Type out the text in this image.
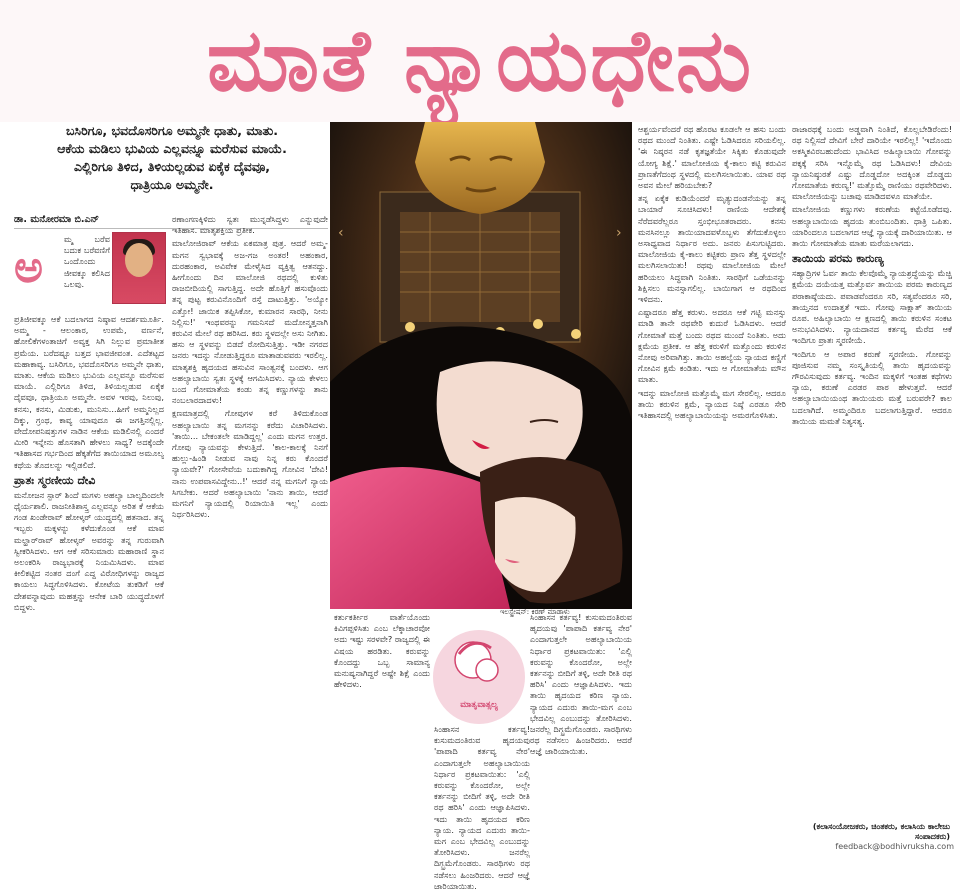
ಮಾತೆ ನ್ಯಾಯಧೇನು
ಬಸಿರಿಗೂ, ಭವದೊಸರಿಗೂ ಅಮ್ಮನೇ ಧಾತು, ಮಾತು.
ಆಕೆಯ ಮಡಿಲು ಭುವಿಯ ಎಲ್ಲವನ್ನೂ ಮರೆಸುವ ಮಾಯೆ.
ಎಲ್ಲಿರಿಗೂ ತಿಳಿದ, ತಿಳಿಯಲ್ಲಡುವ ಏಕೈಕ ದೈವವೂ,
ಧಾತ್ರಿಯೂ ಅಮ್ಮನೇ.
ಡಾ. ಮನೋರಮಾ ಬಿ.ಎನ್
ಅ

ಮ್ಮ ಬರೆವ ಬದುಕ ಬರೆವಣಿಗೆ ಒಂದೊಂದು ಜೀವಕ್ಕೂ ಕಲಿಸಿದ ಒಲವು.

ಪ್ರತಿಜೀವಕ್ಕೂ ಆಕೆ ಬದಲಾಗದ ನಿಷ್ಠಾವ ಆದರ್ಶಮೂರ್ತಿ. ಅಮ್ಮ - ಆಲಂಕಾರ, ಉಪಮೆ, ವರ್ಣನೆ, ಹೋಲಿಕೆಗಳಂತಾಚಿಗೆ ಅವ್ಯಕ್ತ ಸಿಗಿ ನಿಲ್ಲುವ ಪ್ರಮಾತೀತ ಪ್ರಮೆಯ. ಬರೆದಷ್ಟೂ ಬತ್ತದ ಭಾವಜೀವಂತ. ಎದೆತಟ್ಟದ ಮಹಾಕಾವ್ಯ. ಬಸಿರಿಗೂ, ಭವದೊಸರಿಗೂ ಅಮ್ಮನೇ ಧಾತು, ಮಾತು. ಆಕೆಯ ಮಡಿಲು ಭುವಿಯ ಎಲ್ಲವನ್ನೂ ಮರೆಸುವ ಮಾಯೆ. ಎಲ್ಲಿರಿಗೂ ತಿಳಿದ, ತಿಳಿಯಲ್ಲಡುವ ಏಕೈಕ ದೈವವೂ, ಧಾತ್ರಿಯೂ ಅಮ್ಮನೇ. ಅವಳ ಇರವು, ನಿಲುವು, ಕನಸು, ಕನಸು, ಮಿಡುಕು, ಮುನಿಸು...ಹೀಗೆ ಅಮ್ಮನಿಲ್ಲದ ದಿಕ್ಕು, ಗ್ರಂಥ, ಕಾವ್ಯ ಯಾವುದೂ ಈ ಜಗತ್ತಿನಲ್ಲಿಲ್ಲ. ವೇದೋಪನಿಷತ್ತುಗಳ ನಾಡಿನ ಆಕೆಯ ಮಡಿಲಿನಲ್ಲಿ ಎಂದರೆ ಮೀರಿ ಇನ್ನೇನು ಹೊಸತಾಗಿ ಹೇಳಲು ಸಾಧ್ಯ? ಅದಕ್ಕೆಂದೇ ಇತಿಹಾಸದ ಗರ್ಭದಿಂದ ಹೆಕ್ಕತೆಗೆದ ತಾಯಿಯಾದ ಅಮೂಲ್ಯ ಕಥೆಯ ತೊದಲನ್ನು ಇಲ್ಲಿಡಲಿದೆ.

ಪ್ರಾತಃ ಸ್ಮರಣೀಯ ದೇವಿ

ಮನೋಜನ ಸ್ಪಾರ್ ಶಿಂದೆ ಮಗಳು ಅಹಲ್ಯಾ ಬಾಲ್ಯದಿಂದಲೇ ಧೈರ್ಯಶಾಲಿ. ರಾಜನೀತಿಶಾಸ್ತ್ರ ಎಲ್ಲವನ್ನೂ ಅರಿತ ಕೆ ಆಕೆಯ ಗಂಡ ಖಂಡೇರಾವ್ ಹೋಳ್ಕರ್ ಯುದ್ಧದಲ್ಲಿ ಹತನಾದ. ತನ್ನ ಇಬ್ಬರು ಮಕ್ಕಳನ್ನು ಕಳೆದುಕೊಂಡ ಆಕೆ ಮಾವ ಮಲ್ಹಾರ್‌ರಾವ್ ಹೋಳ್ಕರ್ ಅವರನ್ನು ತನ್ನ ಗುರುವಾಗಿ ಸ್ವೀಕರಿಸಿದಳು. ಆಗ ಆಕೆ ಸರಿಸುಮಾರು ಮಹಾರಾಣಿ ಸ್ಥಾನ ಅಲಂಕರಿಸಿ ರಾಜ್ಯಭಾರಕ್ಕೆ ನಿಯಮಿಸಿದಳು. ಮಾವ ಕೀಲಿಕಟ್ಟಿದ ನಂತರ ದಂಗೆ ಎದ್ದ ವಿರೋಧಿಗಳನ್ನು ರಾಜ್ಯದ ಕಾಯಲು ಸಿದ್ಧಗೊಳಿಸಿದಳು. ಕೋಟೆಯ ತುಕಡಿಗೆ ಆಕೆ ದೇಶವನ್ನಾವುದು ಮಹತ್ತನ್ನು ಆನೇಕ ಬಾರಿ ಯುದ್ಧದೊಳಗೆ ಬಿದ್ದಳು.

ರಣಾಂಗಣಕ್ಕಿಳಿದು ಸ್ವತಃ ಮುನ್ನಡೆಸಿದ್ದಳು ಎನ್ನುವುದೇ ಇತಿಹಾಸ. ಮಾತೃಶಕ್ತಿಯ ಪ್ರತೀಕ.

ಮಾಲೋಜಿರಾವ್ ಆಕೆಯ ಏಕಮಾತ್ರ ಪುತ್ರ. ಆದರೆ ಅಮ್ಮ-ಮಗನ ಸ್ವಭಾವಕ್ಕೆ ಅಜ-ಗಜ ಅಂತರ! ಅಹಂಕಾರ, ದುರಹಂಕಾರ, ಅವಿವೇಕ ಮೇಳೈಸಿದ ವ್ಯಕ್ತಿತ್ವ ಆತನದ್ದು. ಹೀಗೊಂದು ದಿನ ಮಾಲೋಜಿ ರಥದಲ್ಲಿ ಕುಳಿತು ರಾಜಬೀದಿಯಲ್ಲಿ ಸಾಗುತ್ತಿದ್ದ. ಅದೇ ಹೊತ್ತಿಗೆ ಹಸುವೊಂದು ತನ್ನ ಪುಟ್ಟ ಕರುವಿನೊಂದಿಗೆ ರಸ್ತೆ ದಾಟುತ್ತಿತ್ತು. 'ಅಯ್ಯೋ ಎತ್ತೋ! ಜಾಯಿಕ ತಪ್ಪಿಸಿಕೋ, ಕುಮಾರನ ಸಾರಥಿ, ನೀನು ನಿಲ್ಲಿಸು!' ಇಂಥವರನ್ನು ಗಮನಿಸದೆ ಮದೋನ್ಮತ್ತನಾಗಿ ಕರುವಿನ ಮೇಲೆ ರಥ ಹರಿಸಿದ. ಕರು ಸ್ಥಳದಲ್ಲೇ ಅಸು ನೀಗಿತು. ಹಸು ಆ ಸ್ಥಳವನ್ನು ಬಿಡದೆ ರೋದಿಸುತ್ತಿತ್ತು. ಇಡೀ ನಗರದ ಜನರು ಇದನ್ನು ನೋಡುತ್ತಿದ್ದರೂ ಮಾತಾಡುವವರು ಇರಲಿಲ್ಲ. ಮಾತೃಶಕ್ತಿ ಹೃದಯದ ಹಸುವಿನ ಸಾಂತ್ವನಕ್ಕೆ ಬಂದಳು. ಆಗ ಅಹಲ್ಯಾಬಾಯಿ ಸ್ವತಃ ಸ್ಥಳಕ್ಕೆ ಆಗಮಿಸಿದಳು. ನ್ಯಾಯ ಕೇಳಲು ಬಂದ ಗೋಮಾತೆಯ ಕಂಡು ತನ್ನ ಕಣ್ಣುಗಳನ್ನು ತಾನು ನಂಬಲಾರದಾದಳು!

ಕ್ಷಣಮಾತ್ರದಲ್ಲಿ ಗೋವುಗಳ ಕರೆ ತಿಳಿದುಕೊಂಡ ಅಹಲ್ಯಾಬಾಯಿ ತನ್ನ ಮಗನನ್ನು ಕರೆದು ವಿಚಾರಿಸಿದಳು. 'ತಾಯಿ... ಬೇಕಂತಲೇ ಮಾಡಿದ್ದಲ್ಲ' ಎಂದು ಮಗನ ಉತ್ತರ. ಗೋವು ನ್ಯಾಯವನ್ನು ಕೇಳುತ್ತಿದೆ. 'ಕಾಲ-ಕಾಲಕ್ಕೆ ನಿನಗೆ ಹುಲ್ಲು-ಹಿಂಡಿ ನೀಡುವ ನಾವು ನಿನ್ನ ಕರು ಕೊಂದರೆ ನ್ಯಾಯವೇ?' ಗೋಸೇವೆಯ ಬದುಕಾಗಿದ್ದ ಗೋವಿನ 'ದೇವಿ! ನಾನು ಉಪವಾಸವಿದ್ದೇನು..!' ಆದರೆ ನನ್ನ ಮಗನಿಗೆ ನ್ಯಾಯ ಸಿಗಬೇಕು. ಆದರೆ ಅಹಲ್ಯಾಬಾಯಿ 'ನಾನು ತಾಯಿ, ಆದರೆ ಮಗನಿಗೆ ನ್ಯಾಯದಲ್ಲಿ ರಿಯಾಯಿತಿ ಇಲ್ಲ' ಎಂದು ನಿರ್ಧರಿಸಿದಳು.

‹	›
ಇಲಸ್ಟ್ರೇಷನ್: ಕಿರಣ್ ಮಾಡಾಳು

ಕರ್ತುಕರ್ತೀರ ವಾರ್ತೆಯೊಂದು ಕಿವಿಗಪ್ಪಳಿಸಿತು ಎಂಬ ಲೆಕ್ಕಾಚಾರವೋ ಅದು ಇಷ್ಟು ಸರಳವೇ? ರಾಜ್ಯದಲ್ಲಿ ಈ ವಿಷಯ ಹರಡಿತು. ಕರುವನ್ನು ಕೊಂದದ್ದು ಒಬ್ಬ ಸಾಮಾನ್ಯ ಮನುಷ್ಯನಾಗಿದ್ದರೆ ಅಷ್ಟೇ ಶಿಕ್ಷೆ ಎಂದು ಹೇಳಿದಳು.

ಸಿಂಹಾಸನ ಕರ್ತವ್ಯ! ಕುಸುಮದಂತಿರುವ ಹೃದಯವು 'ಪಾಪಾದಿ ಕರ್ತವ್ಯ ನೇರ' ಎಂದಾಗುತ್ತಲೇ ಅಹಲ್ಯಾಬಾಯಿಯ ನಿರ್ಧಾರ ಪ್ರಕಟವಾಯಿತು: 'ಎಲ್ಲಿ ಕರುವನ್ನು ಕೊಂದರೋ, ಅಲ್ಲೇ ಕರ್ತನನ್ನು ಬೀದಿಗೆ ತಳ್ಳಿ, ಅದೇ ರೀತಿ ರಥ ಹರಿಸಿ' ಎಂದು ಆಜ್ಞಾಪಿಸಿದಳು. ಇದು ತಾಯಿ ಹೃದಯದ ಕಠಿಣ ನ್ಯಾಯ. ನ್ಯಾಯದ ಎದುರು ತಾಯಿ-ಮಗ ಎಂಬ ಭೇದವಿಲ್ಲ ಎಂಬುದನ್ನು ತೋರಿಸಿದಳು. ಜನರೆಲ್ಲ ದಿಗ್ಭ್ರಮೆಗೊಂಡರು. ಸಾರಥಿಗಳು ರಥ ನಡೆಸಲು ಹಿಂಜರಿದರು. ಆದರೆ ಆಜ್ಞೆ ಜಾರಿಯಾಯಿತು.

ಮಾತೃವಾತ್ಸಲ್ಯ

ಸಿಂಹಾಸನ ಕರ್ತವ್ಯ! ಕುಸುಮದಂತಿರುವ ಹೃದಯವು 'ಪಾಪಾದಿ ಕರ್ತವ್ಯ ನೇರ' ಎಂದಾಗುತ್ತಲೇ ಅಹಲ್ಯಾಬಾಯಿಯ ನಿರ್ಧಾರ ಪ್ರಕಟವಾಯಿತು: 'ಎಲ್ಲಿ ಕರುವನ್ನು ಕೊಂದರೋ, ಅಲ್ಲೇ ಕರ್ತನನ್ನು ಬೀದಿಗೆ ತಳ್ಳಿ, ಅದೇ ರೀತಿ ರಥ ಹರಿಸಿ' ಎಂದು ಆಜ್ಞಾಪಿಸಿದಳು. ಇದು ತಾಯಿ ಹೃದಯದ ಕಠಿಣ ನ್ಯಾಯ. ನ್ಯಾಯದ ಎದುರು ತಾಯಿ-ಮಗ ಎಂಬ ಭೇದವಿಲ್ಲ ಎಂಬುದನ್ನು ತೋರಿಸಿದಳು. ಜನರೆಲ್ಲ ದಿಗ್ಭ್ರಮೆಗೊಂಡರು. ಸಾರಥಿಗಳು ರಥ ನಡೆಸಲು ಹಿಂಜರಿದರು. ಆದರೆ ಆಜ್ಞೆ ಜಾರಿಯಾಯಿತು.

ಆಶ್ಚರ್ಯವೆಂದರೆ ರಥ ಹೊರಟ ಕೂಡಲೇ ಆ ಹಸು ಬಂದು ರಥದ ಮುಂದೆ ನಿಂತಿತು. ಎಷ್ಟೇ ಓಡಿಸಿದರೂ ಸರಿಯಲಿಲ್ಲ. 'ಈ ನಿಷ್ಠರನ ನಡೆ ಕೃತಜ್ಞತೆಯೇ ಸಿಕ್ಕಿತು ಕೊಡುವುದೇ ಯೋಗ್ಯ ಶಿಕ್ಷೆ.' ಮಾಲೋಜಿಯ ಕೈ-ಕಾಲು ಕಟ್ಟಿ ಕರುವಿನ ಪ್ರಾಣತೆಗೆದಂಥ ಸ್ಥಳದಲ್ಲಿ ಮಲಗಿಸಲಾಯಿತು. ಯಾವ ರಥ ಅವನ ಮೇಲೆ ಹರಿಯಬೇಕು?

ತನ್ನ ಏಕೈಕ ಕುಡಿಯೆಂದರೆ ಮೃತ್ಯುದಂಡನೆಯನ್ನು ತನ್ನ ಬಾಯಾರೆ ಸೂಚಿಸಿದಳು! ರಾಣಿಯ ಆದೇಶಕ್ಕೆ ನೆರೆದವರೆಲ್ಲರೂ ಸ್ತಂಭೀಭೂತರಾದರು. ಕನಸು ಮನಸಿನಲ್ಲೂ ತಾಯಿಯಾದವಳೊಬ್ಬಳು ತೆಗೆದುಕೊಳ್ಳಲು ಅಸಾಧ್ಯವಾದ ನಿರ್ಧಾರ ಅದು. ಜನರು ಪಿಸುಗುಟ್ಟಿದರು. ಮಾಲೋಜಿಯ ಕೈ-ಕಾಲು ಕಟ್ಟಿಕರು ಪ್ರಾಣ ತೆತ್ತ ಸ್ಥಳದಲ್ಲೇ ಮಲಗಿಸಲಾಯಿತು! ರಥವು ಮಾಲೋಜಿಯ ಮೇಲೆ ಹರಿಯಲು ಸಿದ್ಧವಾಗಿ ನಿಂತಿತು. ಸಾರಥಿಗೆ ಒಡೆಯನನ್ನು ಶಿಕ್ಷಿಸಲು ಮನಸ್ಸಾಗಲಿಲ್ಲ. ಬಾಯಿಗಾಗ ಆ ರಥದಿಂದ ಇಳಿದನು.

ಎಷ್ಟಾದರೂ ಹೆತ್ತ ಕರುಳು. ಅದರೂ ಆಕೆ ಗಟ್ಟಿ ಮನಸ್ಸು ಮಾಡಿ ತಾನೇ ರಥವೇರಿ ಕುದುರೆ ಓಡಿಸಿದಳು. ಆದರೆ ಗೋಮಾತೆ ಮತ್ತೆ ಬಂದು ರಥದ ಮುಂದೆ ನಿಂತಿತು. ಅದು ಕ್ಷಮೆಯ ಪ್ರತೀಕ. ಆ ಹೆತ್ತ ಕರುಳಿಗೆ ಮತ್ತೊಂದು ಕರುಳಿನ ನೋವು ಅರಿವಾಗಿತ್ತು. ತಾಯಿ ಅಹಲ್ಯೆಯ ನ್ಯಾಯದ ಕಣ್ಣಿಗೆ ಗೋವಿನ ಕ್ಷಮೆ ಕಂಡಿತು. ಇದು ಆ ಗೋಮಾತೆಯ ಮೌನ ಮಾತು.

ಇದನ್ನು ಮಾಲೋಜಿ ಮತ್ತೊಮ್ಮೆ ಮಗ ಸೇರಲಿಲ್ಲ. ಆದರೂ ತಾಯಿ ಕರುಳಿನ ಕ್ಷಮೆ, ನ್ಯಾಯದ ನಿಷ್ಠೆ ಎರಡೂ ಸೇರಿ ಇತಿಹಾಸದಲ್ಲಿ ಅಹಲ್ಯಾಬಾಯಿಯನ್ನು ಅಮರಗೊಳಿಸಿತು.

ರಾಜಾರಥಕ್ಕೆ ಬಂದು ಅಡ್ಡವಾಗಿ ನಿಂತಿದೆ, ಕೊಲ್ಲಬೇಡಿರೆಂದು! ರಥ ನಿಲ್ಲಿಸದೆ ದೇವಿಗೆ ಬೇರೆ ದಾರಿಯೇ ಇರಲಿಲ್ಲ! 'ಇದೊಂದು ಅಕಸ್ಮಿಕವಿರಬಹುದೆಂದು ಭಾವಿಸಿದ ಅಹಿಲ್ಯಾಬಾಯಿ ಗೋವನ್ನು ಪಕ್ಕಕ್ಕೆ ಸರಿಸಿ ಇನ್ನೊಮ್ಮೆ ರಥ ಓಡಿಸಿದಳು! ದೇವಿಯ ನ್ಯಾಯನಿಷ್ಠುರತೆ ಎಷ್ಟು ದೊಡ್ಡದೋ ಅದಕ್ಕಿಂತ ದೊಡ್ಡದು ಗೋಮಾತೆಯ ಕರುಣ್ಯ!' ಮತ್ತೊಮ್ಮೆ ರಾಣಿಯು ರಥವೇರಿದಳು. ಮಾಲೋಜಿಯನ್ನು ಬಚಾವು ಮಾಡಿದವಳೂ ಮಾತೆಯೇ.

ಮಾಲೋಜಿಯ ಕಣ್ಣುಗಳು ಕರುಣೆಯ ಕಟ್ಟೆಯೊಡೆದವು. ಅಹಲ್ಯಾಬಾಯಿಯ ಹೃದಯ ತುಂಬಿಬಂದಿತು. ಧಾತ್ರಿ ಒಪಿತು. ಯಾರಿಂದಲೂ ಬದಲಾಗದ ಆಜ್ಞೆ ನ್ಯಾಯಕ್ಕೆ ದಾರಿಯಾಯಿತು. ಆ ತಾಯಿ ಗೋಮಾತೆಯ ಮಾತು ಮರೆಯಲಾಗದು.

ತಾಯಿಯ ಪರಮ ಕಾರುಣ್ಯ

ಸಹ್ಯಾದ್ರಿಗಳ ಓರ್ವ ತಾಯಿ ಕೆಲವೊಮ್ಮೆ ನ್ಯಾಯಶ್ರದ್ಧೆಯನ್ನು ಮೆಚ್ಚಿ ಕ್ಷಮೆಯ ದಯೆಯತ್ತ ಮತ್ತೊರ್ವ ತಾಯಿಯ ಪರಮ ಕಾರುಣ್ಯದ ಪರಾಕಾಷ್ಠೆಯದು. ಪವಾಡವೆಂದರೂ ಸರಿ, ಸತ್ಯವೆಂದರೂ ಸರಿ, ತಾಯ್ತನದ ಉದಾತ್ತತೆ ಇದು. ಗೋವು ಸಾಕ್ಷಾತ್ ತಾಯಿಯ ರೂಪ. ಅಹಿಲ್ಯಾಬಾಯಿ ಆ ಕ್ಷಣದಲ್ಲಿ ತಾಯಿ ಕರುಳಿನ ಸಂಕಟ ಅನುಭವಿಸಿದಳು. ನ್ಯಾಯದಾನದ ಕರ್ತವ್ಯ ಮೆರೆದ ಆಕೆ ಇಂದಿಗೂ ಪ್ರಾತಃ ಸ್ಮರಣೀಯೆ.

ಇಂದಿಗೂ ಆ ಅಪಾರ ಕರುಣೆ ಸ್ಮರಣೀಯ. ಗೋವನ್ನು ಪೂಜಿಸುವ ನಮ್ಮ ಸಂಸ್ಕೃತಿಯಲ್ಲಿ ತಾಯಿ ಹೃದಯವನ್ನು ಗೌರವಿಸುವುದು ಕರ್ತವ್ಯ. ಇಂದಿನ ಮಕ್ಕಳಿಗೆ ಇಂತಹ ಕಥೆಗಳು ನ್ಯಾಯ, ಕರುಣೆ ಎರಡರ ಪಾಠ ಹೇಳುತ್ತವೆ. ಆದರೆ ಅಹಲ್ಯಾಬಾಯಿಯಂಥ ತಾಯಿಯರು ಮತ್ತೆ ಬರುವರೇ? ಕಾಲ ಬದಲಾಗಿದೆ. ಅಮ್ಮಂದಿರೂ ಬದಲಾಗುತ್ತಿದ್ದಾರೆ. ಆದರೂ ತಾಯಿಯ ಮಮತೆ ನಿತ್ಯಸತ್ಯ.

(ಕಲಾಸಂಯೋಜಕರು, ಚಿಂತಕರು, ಕಲಾಸಿಯ ಕಾಲೇಜು ಸಂಪಾದಕರು)
feedback@bodhivruksha.com
